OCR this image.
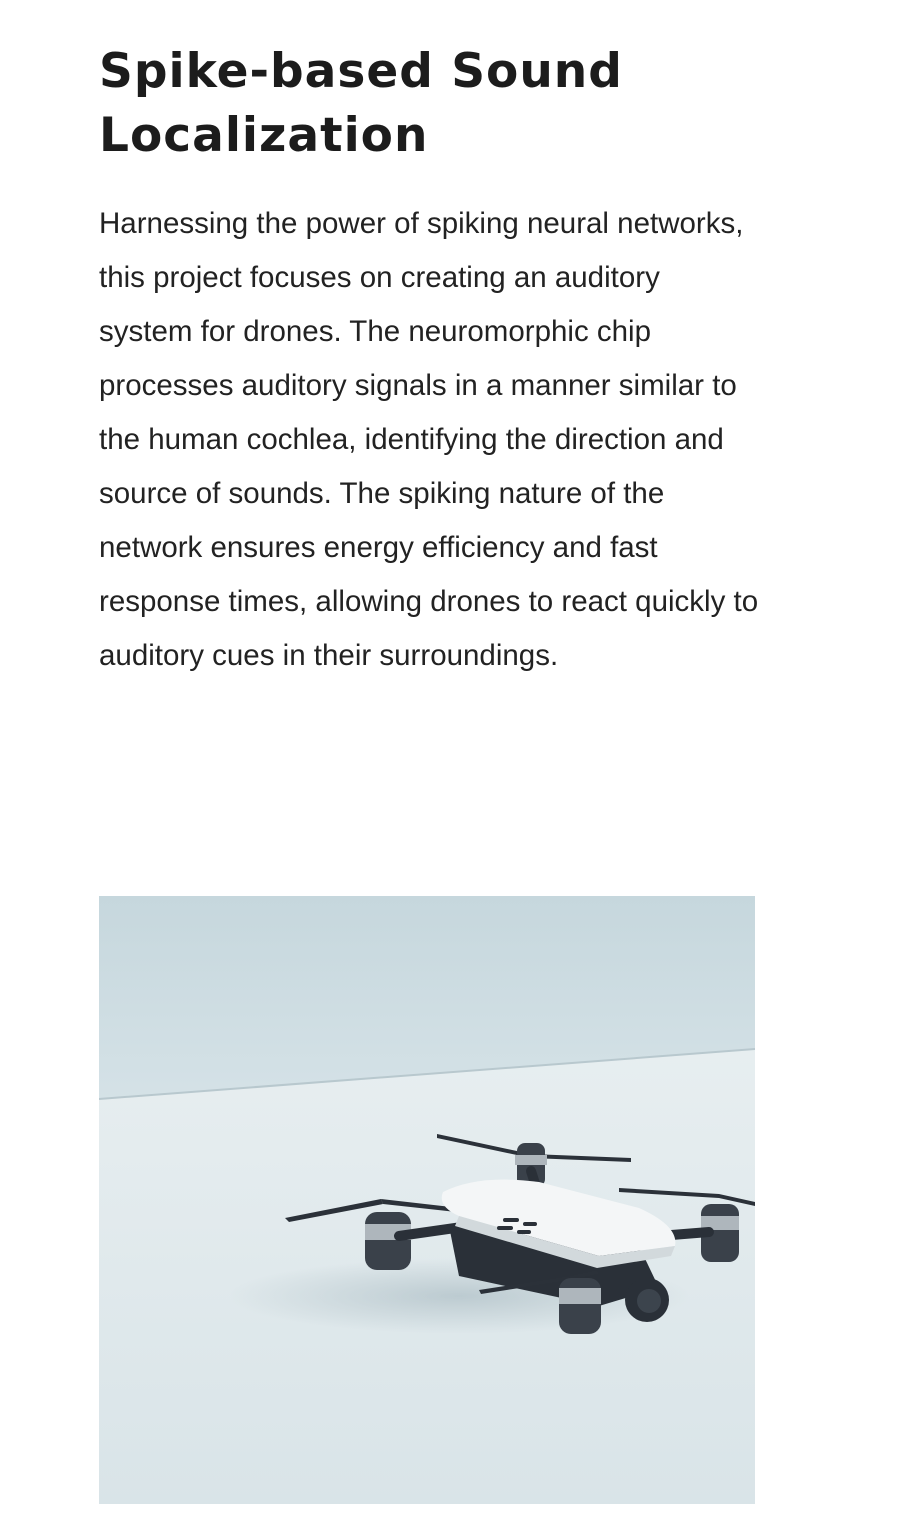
Spike-based Sound Localization

Harnessing the power of spiking neural networks, this project focuses on creating an auditory system for drones. The neuromorphic chip processes auditory signals in a manner similar to the human cochlea, identifying the direction and source of sounds. The spiking nature of the network ensures energy efficiency and fast response times, allowing drones to react quickly to auditory cues in their surroundings.
